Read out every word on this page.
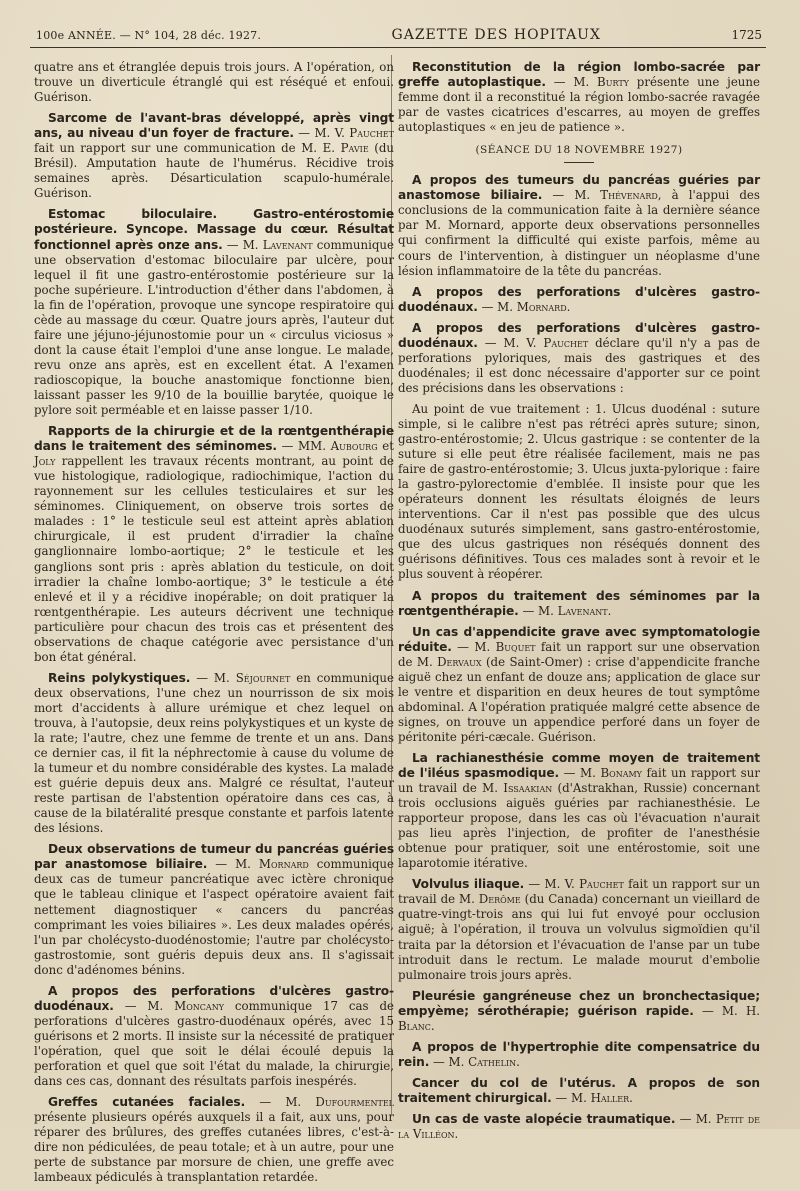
100e ANNÉE. — N° 104, 28 déc. 1927.	GAZETTE DES HOPITAUX	1725

quatre ans et étranglée depuis trois jours. A l'opération, on trouve un diverticule étranglé qui est réséqué et enfoui. Guérison.

Sarcome de l'avant-bras développé, après vingt ans, au niveau d'un foyer de fracture. — M. V. Pauchet fait un rapport sur une communication de M. E. Pavie (du Brésil). Amputation haute de l'humérus. Récidive trois semaines après. Désarticulation scapulo-humérale. Guérison.

Estomac biloculaire. Gastro-entérostomie postérieure. Syncope. Massage du cœur. Résultat fonctionnel après onze ans. — M. Lavenant communique une observation d'estomac biloculaire par ulcère, pour lequel il fit une gastro-entérostomie postérieure sur la poche supérieure. L'introduction d'éther dans l'abdomen, à la fin de l'opération, provoque une syncope respiratoire qui cède au massage du cœur. Quatre jours après, l'auteur dut faire une jéjuno-jéjunostomie pour un « circulus viciosus » dont la cause était l'emploi d'une anse longue. Le malade, revu onze ans après, est en excellent état. A l'examen radioscopique, la bouche anastomique fonctionne bien, laissant passer les 9/10 de la bouillie barytée, quoique le pylore soit perméable et en laisse passer 1/10.

Rapports de la chirurgie et de la rœntgenthérapie dans le traitement des séminomes. — MM. Aubourg et Joly rappellent les travaux récents montrant, au point de vue histologique, radiologique, radiochimique, l'action du rayonnement sur les cellules testiculaires et sur les séminomes. Cliniquement, on observe trois sortes de malades : 1° le testicule seul est atteint après ablation chirurgicale, il est prudent d'irradier la chaîne ganglionnaire lombo-aortique; 2° le testicule et les ganglions sont pris : après ablation du testicule, on doit irradier la chaîne lombo-aortique; 3° le testicule a été enlevé et il y a récidive inopérable; on doit pratiquer la rœntgenthérapie. Les auteurs décrivent une technique particulière pour chacun des trois cas et présentent des observations de chaque catégorie avec persistance d'un bon état général.

Reins polykystiques. — M. Séjournet en communique deux observations, l'une chez un nourrisson de six mois mort d'accidents à allure urémique et chez lequel on trouva, à l'autopsie, deux reins polykystiques et un kyste de la rate; l'autre, chez une femme de trente et un ans. Dans ce dernier cas, il fit la néphrectomie à cause du volume de la tumeur et du nombre considérable des kystes. La malade est guérie depuis deux ans. Malgré ce résultat, l'auteur reste partisan de l'abstention opératoire dans ces cas, à cause de la bilatéralité presque constante et parfois latente des lésions.

Deux observations de tumeur du pancréas guéries par anastomose biliaire. — M. Mornard communique deux cas de tumeur pancréatique avec ictère chronique que le tableau clinique et l'aspect opératoire avaient fait nettement diagnostiquer « cancers du pancréas comprimant les voies biliaires ». Les deux malades opérés, l'un par cholécysto-duodénostomie; l'autre par cholécysto-gastrostomie, sont guéris depuis deux ans. Il s'agissait donc d'adénomes bénins.

A propos des perforations d'ulcères gastro-duodénaux. — M. Moncany communique 17 cas de perforations d'ulcères gastro-duodénaux opérés, avec 15 guérisons et 2 morts. Il insiste sur la nécessité de pratiquer l'opération, quel que soit le délai écoulé depuis la perforation et quel que soit l'état du malade, la chirurgie, dans ces cas, donnant des résultats parfois inespérés.

Greffes cutanées faciales. — M. Dufourmentel présente plusieurs opérés auxquels il a fait, aux uns, pour réparer des brûlures, des greffes cutanées libres, c'est-à-dire non pédiculées, de peau totale; et à un autre, pour une perte de substance par morsure de chien, une greffe avec lambeaux pédiculés à transplantation retardée.

Reconstitution de la région lombo-sacrée par greffe autoplastique. — M. Burty présente une jeune femme dont il a reconstitué la région lombo-sacrée ravagée par de vastes cicatrices d'escarres, au moyen de greffes autoplastiques « en jeu de patience ».

(SÉANCE DU 18 NOVEMBRE 1927)

A propos des tumeurs du pancréas guéries par anastomose biliaire. — M. Thévenard, à l'appui des conclusions de la communication faite à la dernière séance par M. Mornard, apporte deux observations personnelles qui confirment la difficulté qui existe parfois, même au cours de l'intervention, à distinguer un néoplasme d'une lésion inflammatoire de la tête du pancréas.

A propos des perforations d'ulcères gastro-duodénaux. — M. Mornard.

A propos des perforations d'ulcères gastro-duodénaux. — M. V. Pauchet déclare qu'il n'y a pas de perforations pyloriques, mais des gastriques et des duodénales; il est donc nécessaire d'apporter sur ce point des précisions dans les observations :

Au point de vue traitement : 1. Ulcus duodénal : suture simple, si le calibre n'est pas rétréci après suture; sinon, gastro-entérostomie; 2. Ulcus gastrique : se contenter de la suture si elle peut être réalisée facilement, mais ne pas faire de gastro-entérostomie; 3. Ulcus juxta-pylorique : faire la gastro-pylorectomie d'emblée. Il insiste pour que les opérateurs donnent les résultats éloignés de leurs interventions. Car il n'est pas possible que des ulcus duodénaux suturés simplement, sans gastro-entérostomie, que des ulcus gastriques non réséqués donnent des guérisons définitives. Tous ces malades sont à revoir et le plus souvent à réopérer.

A propos du traitement des séminomes par la rœntgenthérapie. — M. Lavenant.

Un cas d'appendicite grave avec symptomatologie réduite. — M. Buquet fait un rapport sur une observation de M. Dervaux (de Saint-Omer) : crise d'appendicite franche aiguë chez un enfant de douze ans; application de glace sur le ventre et disparition en deux heures de tout symptôme abdominal. A l'opération pratiquée malgré cette absence de signes, on trouve un appendice perforé dans un foyer de péritonite péri-cæcale. Guérison.

La rachianesthésie comme moyen de traitement de l'iléus spasmodique. — M. Bonamy fait un rapport sur un travail de M. Issaakian (d'Astrakhan, Russie) concernant trois occlusions aiguës guéries par rachianesthésie. Le rapporteur propose, dans les cas où l'évacuation n'aurait pas lieu après l'injection, de profiter de l'anesthésie obtenue pour pratiquer, soit une entérostomie, soit une laparotomie itérative.

Volvulus iliaque. — M. V. Pauchet fait un rapport sur un travail de M. Derôme (du Canada) concernant un vieillard de quatre-vingt-trois ans qui lui fut envoyé pour occlusion aiguë; à l'opération, il trouva un volvulus sigmoïdien qu'il traita par la détorsion et l'évacuation de l'anse par un tube introduit dans le rectum. Le malade mourut d'embolie pulmonaire trois jours après.

Pleurésie gangréneuse chez un bronchectasique; empyème; sérothérapie; guérison rapide. — M. H. Blanc.

A propos de l'hypertrophie dite compensatrice du rein. — M. Cathelin.

Cancer du col de l'utérus. A propos de son traitement chirurgical. — M. Haller.

Un cas de vaste alopécie traumatique. — M. Petit de la Villéon.
